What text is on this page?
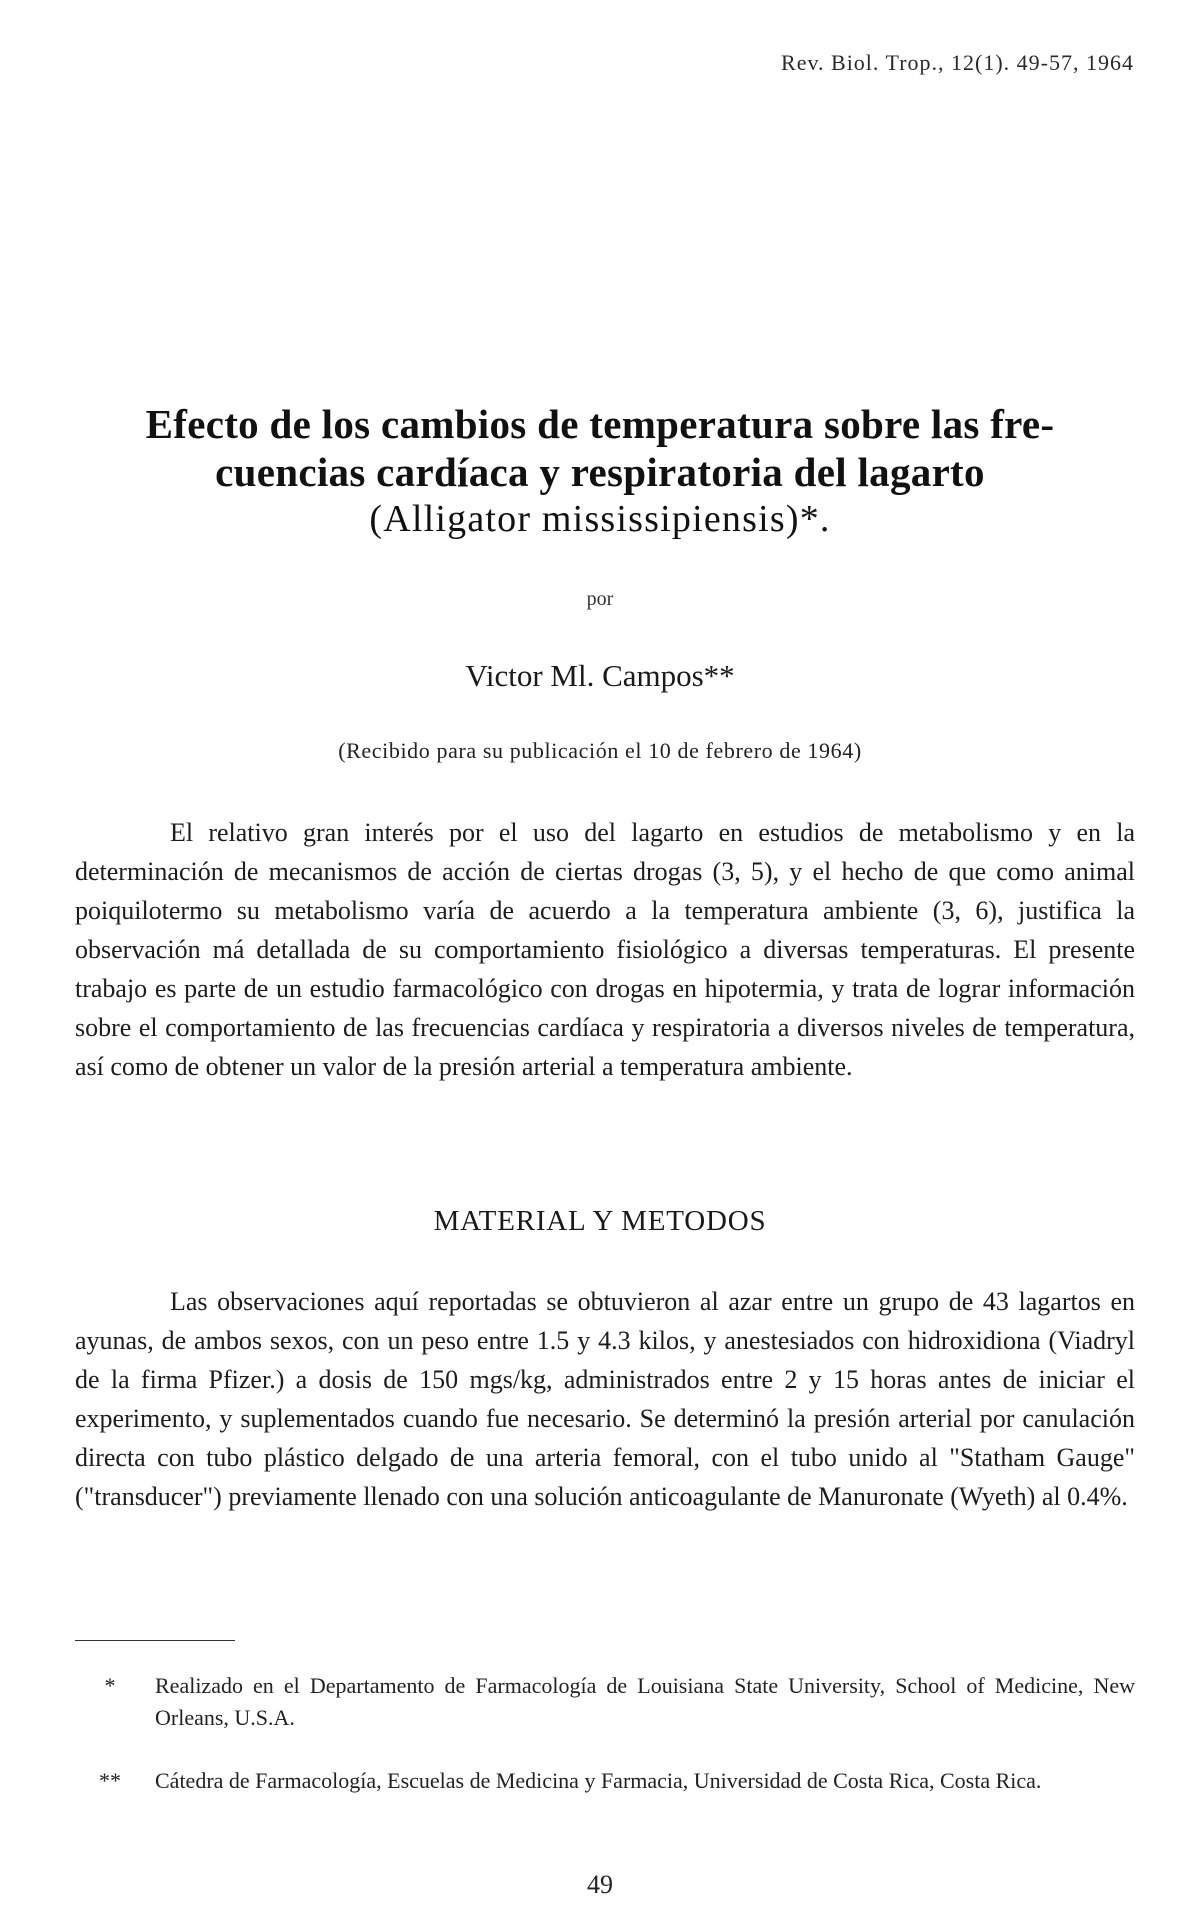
Rev. Biol. Trop., 12(1). 49-57, 1964
Efecto de los cambios de temperatura sobre las fre-
cuencias cardíaca y respiratoria del lagarto
(Alligator mississipiensis)*.
por
Victor Ml. Campos**
(Recibido para su publicación el 10 de febrero de 1964)

El relativo gran interés por el uso del lagarto en estudios de metabolismo y en la determinación de mecanismos de acción de ciertas drogas (3, 5), y el hecho de que como animal poiquilotermo su metabolismo varía de acuerdo a la temperatura ambiente (3, 6), justifica la observación má detallada de su comportamiento fisiológico a diversas temperaturas. El presente trabajo es parte de un estudio farmacológico con drogas en hipotermia, y trata de lograr información sobre el comportamiento de las frecuencias cardíaca y respiratoria a diversos niveles de temperatura, así como de obtener un valor de la presión arterial a temperatura ambiente.

MATERIAL Y METODOS

Las observaciones aquí reportadas se obtuvieron al azar entre un grupo de 43 lagartos en ayunas, de ambos sexos, con un peso entre 1.5 y 4.3 kilos, y anestesiados con hidroxidiona (Viadryl de la firma Pfizer.) a dosis de 150 mgs/kg, administrados entre 2 y 15 horas antes de iniciar el experimento, y suplementados cuando fue necesario. Se determinó la presión arterial por canulación directa con tubo plástico delgado de una arteria femoral, con el tubo unido al "Statham Gauge" ("transducer") previamente llenado con una solución anticoagulante de Manuronate (Wyeth) al 0.4%.

*	Realizado en el Departamento de Farmacología de Louisiana State University, School of Medicine, New Orleans, U.S.A.
**	Cátedra de Farmacología, Escuelas de Medicina y Farmacia, Universidad de Costa Rica, Costa Rica.
49
